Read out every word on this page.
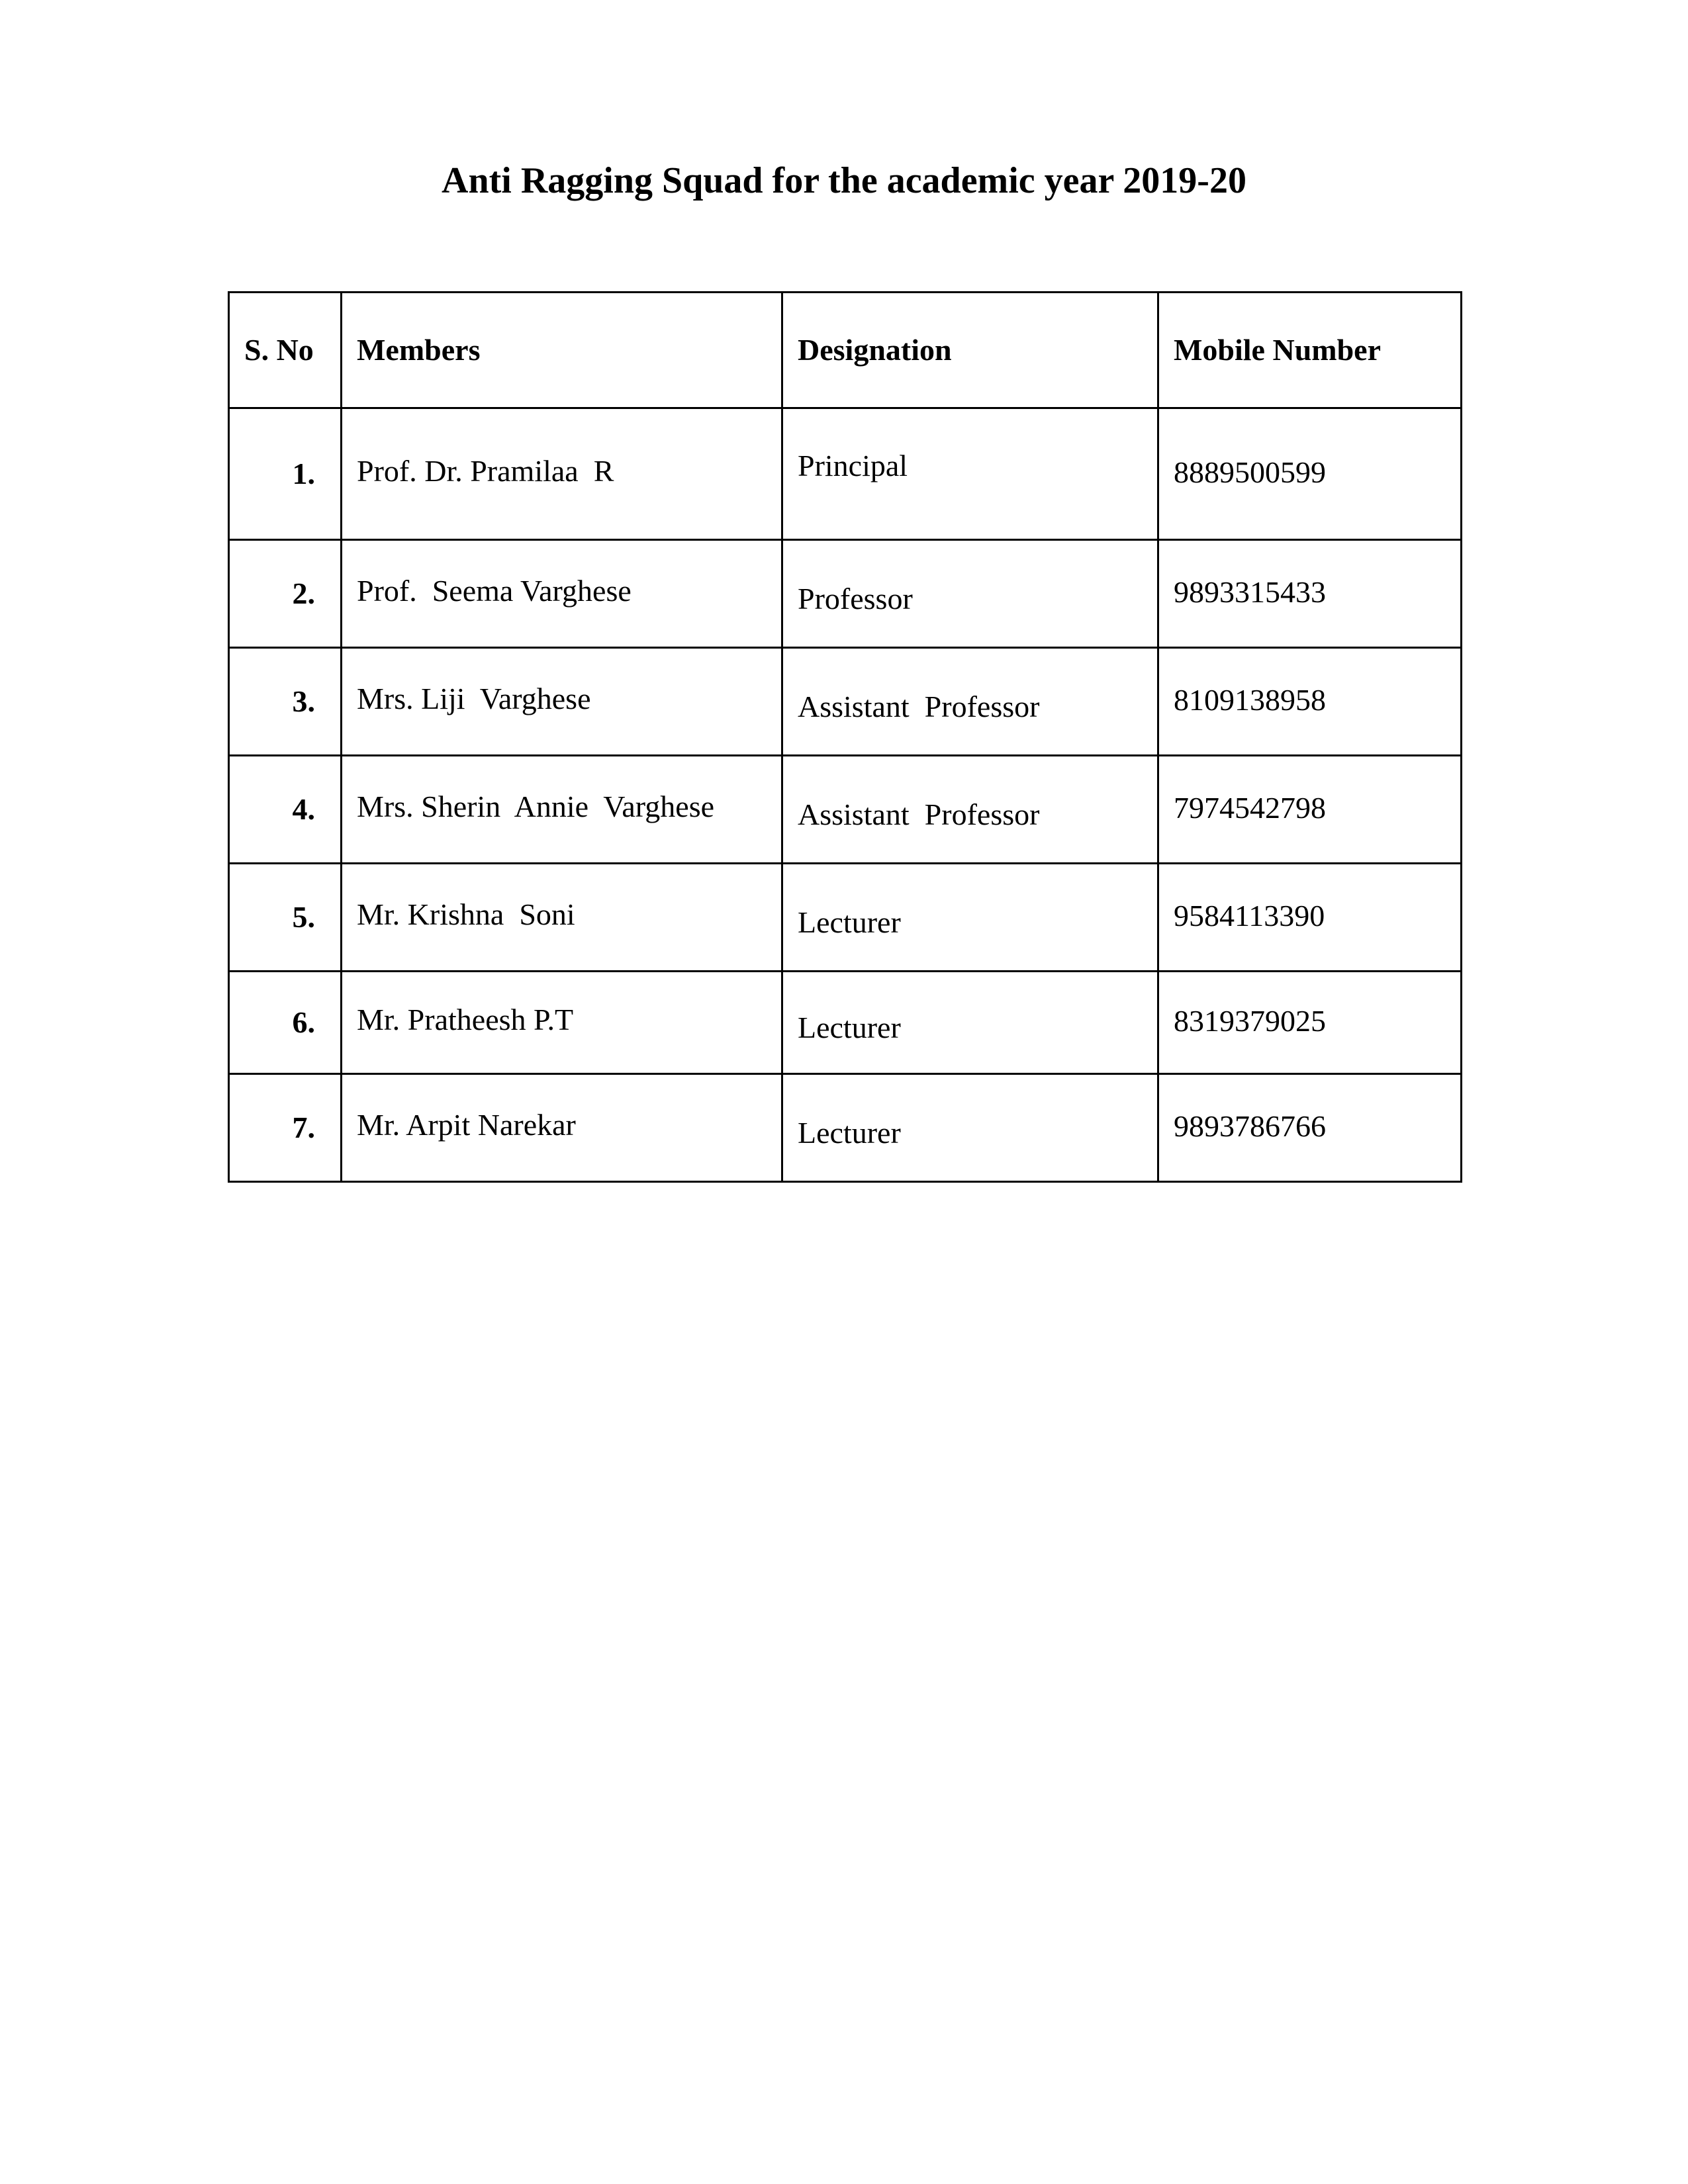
Anti Ragging Squad for the academic year 2019-20
S. No	Members	Designation	Mobile Number
1.	Prof. Dr. Pramilaa  R	Principal	8889500599
2.	Prof.  Seema Varghese	Professor	9893315433
3.	Mrs. Liji  Varghese	Assistant  Professor	8109138958
4.	Mrs. Sherin  Annie  Varghese	Assistant  Professor	7974542798
5.	Mr. Krishna  Soni	Lecturer	9584113390
6.	Mr. Pratheesh P.T	Lecturer	8319379025
7.	Mr. Arpit Narekar	Lecturer	9893786766
